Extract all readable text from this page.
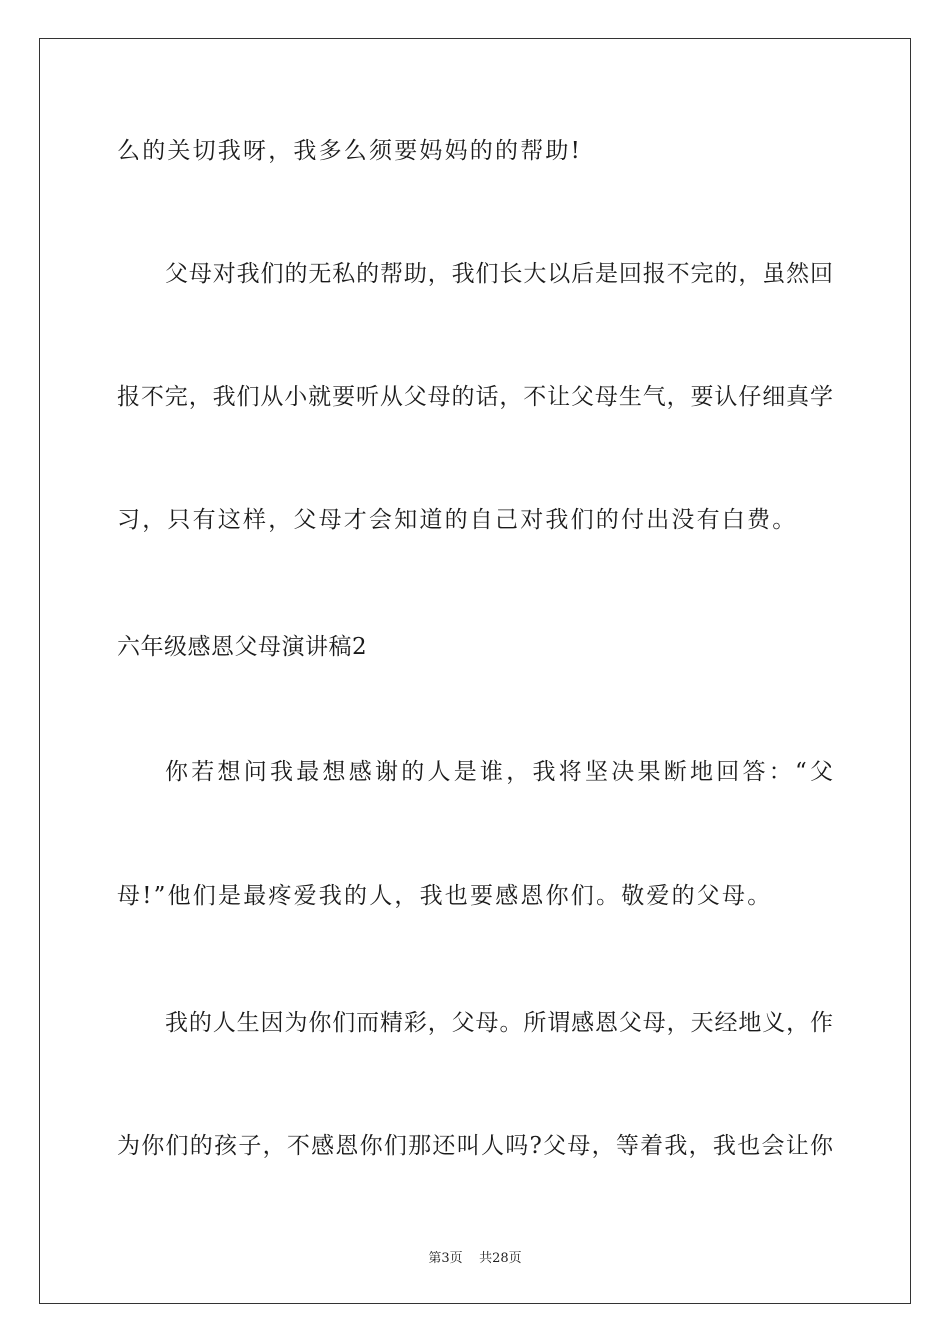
么的关切我呀，我多么须要妈妈的的帮助!
父母对我们的无私的帮助，我们长大以后是回报不完的，虽然回
报不完，我们从小就要听从父母的话，不让父母生气，要认仔细真学
习，只有这样，父母才会知道的自己对我们的付出没有白费。
六年级感恩父母演讲稿2
你若想问我最想感谢的人是谁，我将坚决果断地回答：“父
母!”他们是最疼爱我的人，我也要感恩你们。敬爱的父母。
我的人生因为你们而精彩，父母。所谓感恩父母，天经地义，作
为你们的孩子，不感恩你们那还叫人吗?父母，等着我，我也会让你
第3页    共28页
